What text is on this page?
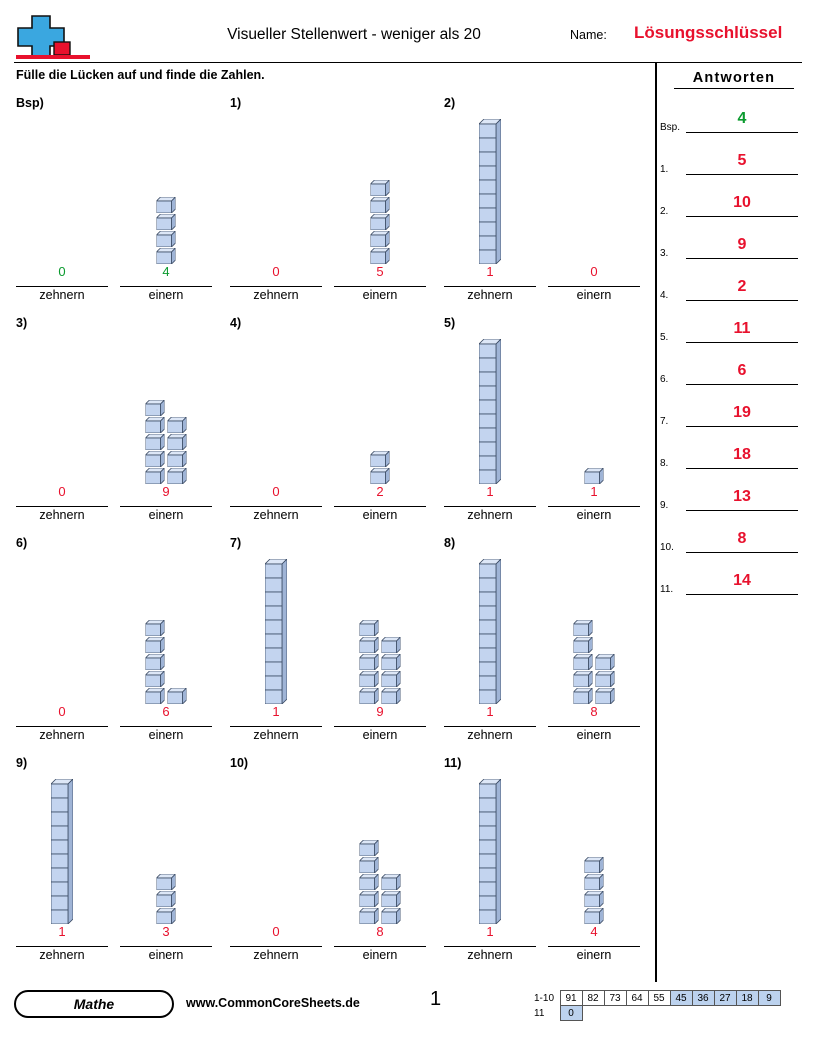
Visueller Stellenwert - weniger als 20	Name: Lösungsschlüssel
Fülle die Lücken auf und finde die Zahlen.
Bsp)
0	4
zehnern	einern
1)
0	5
zehnern	einern
2)
1	0
zehnern	einern
3)
0	9
zehnern	einern
4)
0	2
zehnern	einern
5)
1	1
zehnern	einern
6)
0	6
zehnern	einern
7)
1	9
zehnern	einern
8)
1	8
zehnern	einern
9)
1	3
zehnern	einern
10)
0	8
zehnern	einern
11)
1	4
zehnern	einern
Antworten
Bsp.
4
1.
5
2.
10
3.
9
4.
2
5.
11
6.
6
7.
19
8.
18
9.
13
10.
8
11.
14
Mathe	www.CommonCoreSheets.de	1	1-10	91	82	73	64	55	45	36	27	18	9
11	0									
